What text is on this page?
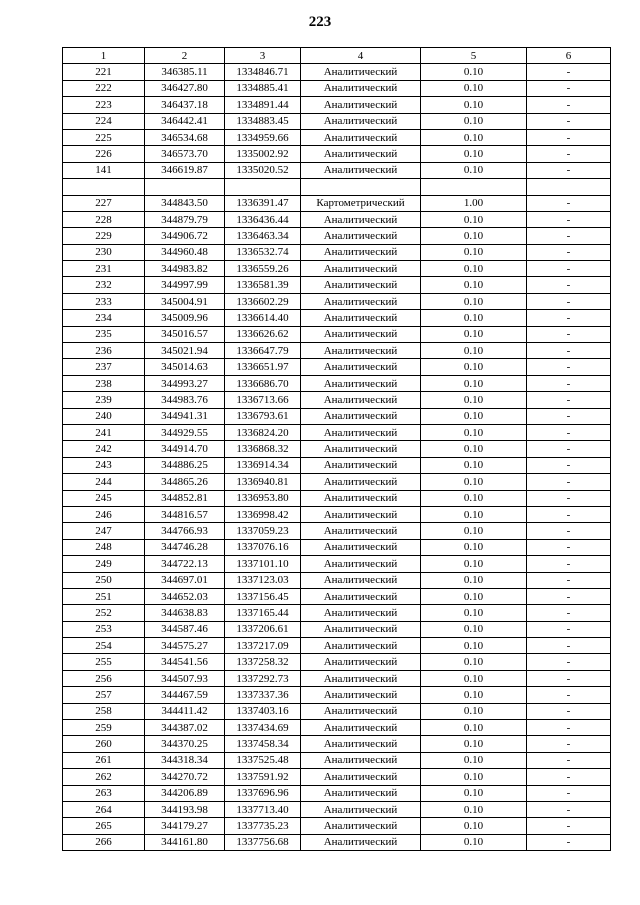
223
1	2	3	4	5	6
221	346385.11	1334846.71	Аналитический	0.10	-
222	346427.80	1334885.41	Аналитический	0.10	-
223	346437.18	1334891.44	Аналитический	0.10	-
224	346442.41	1334883.45	Аналитический	0.10	-
225	346534.68	1334959.66	Аналитический	0.10	-
226	346573.70	1335002.92	Аналитический	0.10	-
141	346619.87	1335020.52	Аналитический	0.10	-

227	344843.50	1336391.47	Картометрический	1.00	-
228	344879.79	1336436.44	Аналитический	0.10	-
229	344906.72	1336463.34	Аналитический	0.10	-
230	344960.48	1336532.74	Аналитический	0.10	-
231	344983.82	1336559.26	Аналитический	0.10	-
232	344997.99	1336581.39	Аналитический	0.10	-
233	345004.91	1336602.29	Аналитический	0.10	-
234	345009.96	1336614.40	Аналитический	0.10	-
235	345016.57	1336626.62	Аналитический	0.10	-
236	345021.94	1336647.79	Аналитический	0.10	-
237	345014.63	1336651.97	Аналитический	0.10	-
238	344993.27	1336686.70	Аналитический	0.10	-
239	344983.76	1336713.66	Аналитический	0.10	-
240	344941.31	1336793.61	Аналитический	0.10	-
241	344929.55	1336824.20	Аналитический	0.10	-
242	344914.70	1336868.32	Аналитический	0.10	-
243	344886.25	1336914.34	Аналитический	0.10	-
244	344865.26	1336940.81	Аналитический	0.10	-
245	344852.81	1336953.80	Аналитический	0.10	-
246	344816.57	1336998.42	Аналитический	0.10	-
247	344766.93	1337059.23	Аналитический	0.10	-
248	344746.28	1337076.16	Аналитический	0.10	-
249	344722.13	1337101.10	Аналитический	0.10	-
250	344697.01	1337123.03	Аналитический	0.10	-
251	344652.03	1337156.45	Аналитический	0.10	-
252	344638.83	1337165.44	Аналитический	0.10	-
253	344587.46	1337206.61	Аналитический	0.10	-
254	344575.27	1337217.09	Аналитический	0.10	-
255	344541.56	1337258.32	Аналитический	0.10	-
256	344507.93	1337292.73	Аналитический	0.10	-
257	344467.59	1337337.36	Аналитический	0.10	-
258	344411.42	1337403.16	Аналитический	0.10	-
259	344387.02	1337434.69	Аналитический	0.10	-
260	344370.25	1337458.34	Аналитический	0.10	-
261	344318.34	1337525.48	Аналитический	0.10	-
262	344270.72	1337591.92	Аналитический	0.10	-
263	344206.89	1337696.96	Аналитический	0.10	-
264	344193.98	1337713.40	Аналитический	0.10	-
265	344179.27	1337735.23	Аналитический	0.10	-
266	344161.80	1337756.68	Аналитический	0.10	-
